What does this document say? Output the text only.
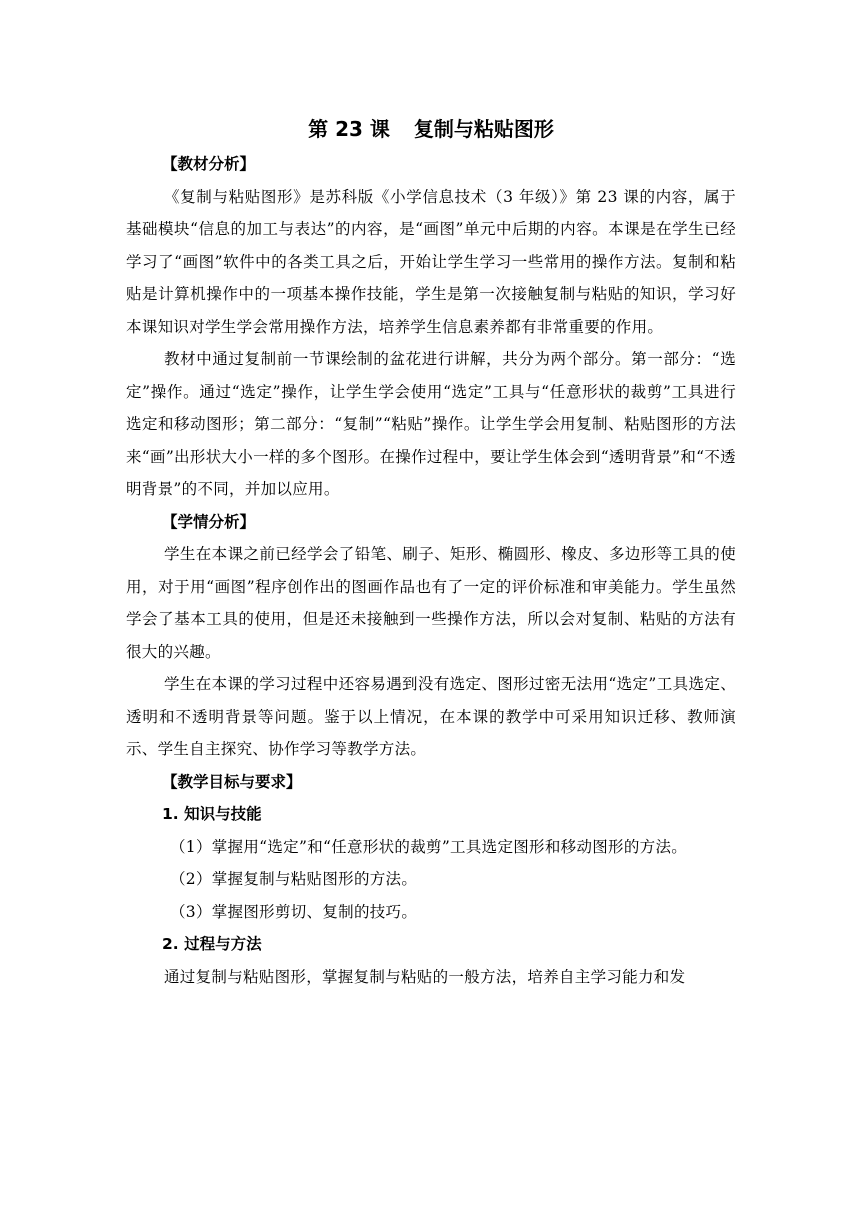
第 23 课 复制与粘贴图形

【教材分析】

《复制与粘贴图形》是苏科版《小学信息技术（3 年级）》第 23 课的内容，属于基础模块“信息的加工与表达”的内容，是“画图”单元中后期的内容。本课是在学生已经学习了“画图”软件中的各类工具之后，开始让学生学习一些常用的操作方法。复制和粘贴是计算机操作中的一项基本操作技能，学生是第一次接触复制与粘贴的知识，学习好本课知识对学生学会常用操作方法，培养学生信息素养都有非常重要的作用。

教材中通过复制前一节课绘制的盆花进行讲解，共分为两个部分。第一部分：“选定”操作。通过“选定”操作，让学生学会使用“选定”工具与“任意形状的裁剪”工具进行选定和移动图形；第二部分：“复制”“粘贴”操作。让学生学会用复制、粘贴图形的方法来“画”出形状大小一样的多个图形。在操作过程中，要让学生体会到“透明背景”和“不透明背景”的不同，并加以应用。

【学情分析】

学生在本课之前已经学会了铅笔、刷子、矩形、椭圆形、橡皮、多边形等工具的使用，对于用“画图”程序创作出的图画作品也有了一定的评价标准和审美能力。学生虽然学会了基本工具的使用，但是还未接触到一些操作方法，所以会对复制、粘贴的方法有很大的兴趣。

学生在本课的学习过程中还容易遇到没有选定、图形过密无法用“选定”工具选定、透明和不透明背景等问题。鉴于以上情况，在本课的教学中可采用知识迁移、教师演示、学生自主探究、协作学习等教学方法。

【教学目标与要求】

1. 知识与技能

（1）掌握用“选定”和“任意形状的裁剪”工具选定图形和移动图形的方法。

（2）掌握复制与粘贴图形的方法。

（3）掌握图形剪切、复制的技巧。

2. 过程与方法

通过复制与粘贴图形，掌握复制与粘贴的一般方法，培养自主学习能力和发
